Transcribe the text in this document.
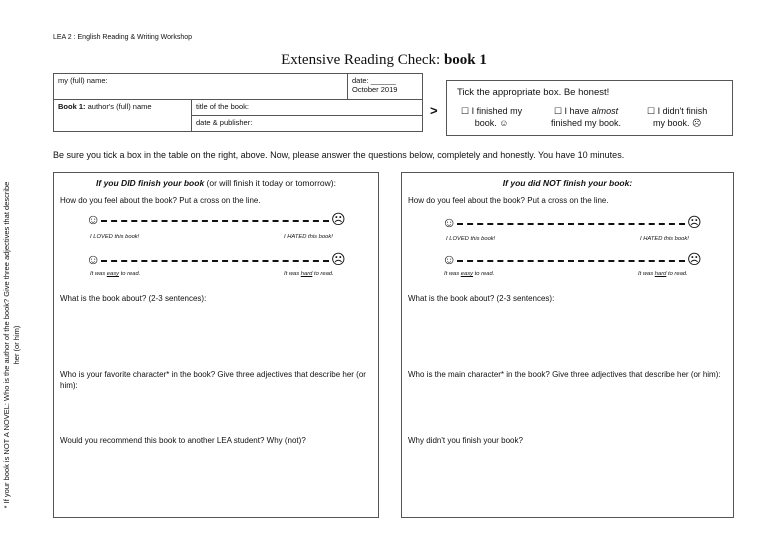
LEA 2 : English Reading & Writing Workshop
Extensive Reading Check: book 1
my (full) name:		date: ______
October 2019

Book 1: author's (full) name	title of the book:	
	date & publisher:	
>
Tick the appropriate box. Be honest!
☐ I finished my
book. ☺
☐ I have almost
finished my book.
☐ I didn't finish
my book. ☹
Be sure you tick a box in the table on the right, above. Now, please answer the questions below, completely and honestly. You have 10 minutes.
* If your book is NOT A NOVEL: Who is the author of the book? Give three adjectives that describe her (or him)
If you DID finish your book (or will finish it today or tomorrow):
How do you feel about the book? Put a cross on the line.
☺	☹
I LOVED this book!	I HATED this book!
☺	☹
It was easy to read.	It was hard to read.
What is the book about? (2-3 sentences):
Who is your favorite character* in the book? Give three adjectives that describe her (or him):
Would you recommend this book to another LEA student? Why (not)?
If you did NOT finish your book:
How do you feel about the book? Put a cross on the line.
☺	☹
I LOVED this book!	I HATED this book!
☺	☹
It was easy to read.	It was hard to read.
What is the book about? (2-3 sentences):
Who is the main character* in the book? Give three adjectives that describe her (or him):
Why didn't you finish your book?
